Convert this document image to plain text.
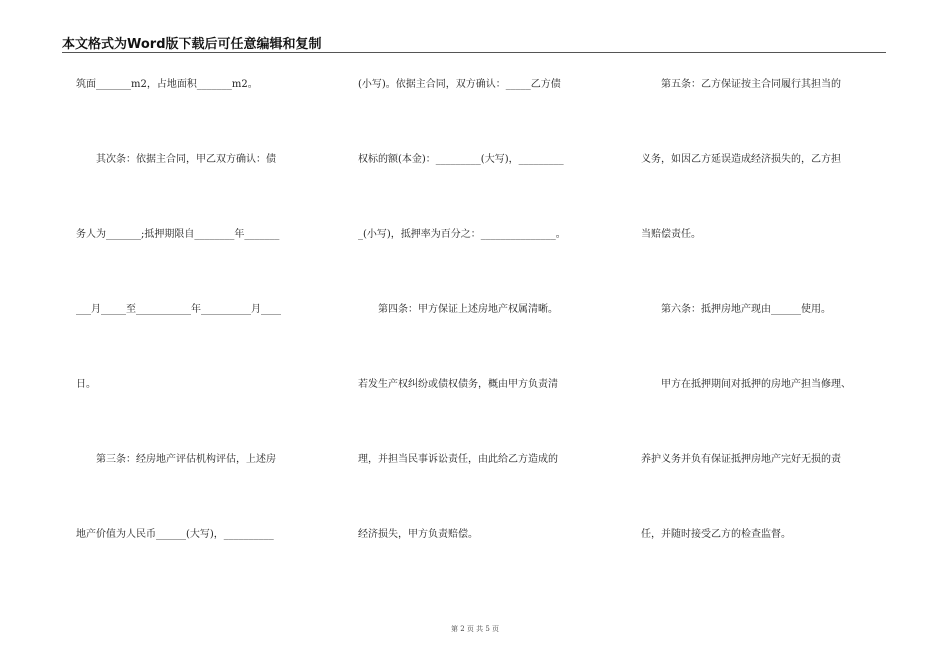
本文格式为Word版下载后可任意编辑和复制
筑面_______m2，占地面积_______m2。
　　其次条：依据主合同，甲乙双方确认：债
务人为_______;抵押期限自________年_______
___月_____至___________年__________月____
日。
　　第三条：经房地产评估机构评估，上述房
地产价值为人民币______(大写)，__________
(小写)。依据主合同，双方确认：_____乙方债
权标的额(本金)：_________(大写)，_________
_(小写)，抵押率为百分之：_______________。
　　第四条：甲方保证上述房地产权属清晰。
若发生产权纠纷或债权债务，概由甲方负责清
理，并担当民事诉讼责任，由此给乙方造成的
经济损失，甲方负责赔偿。
　　第五条：乙方保证按主合同履行其担当的
义务，如因乙方延误造成经济损失的，乙方担
当赔偿责任。
　　第六条：抵押房地产现由______使用。
　　甲方在抵押期间对抵押的房地产担当修理、
养护义务并负有保证抵押房地产完好无损的责
任，并随时接受乙方的检查监督。
第 2 页 共 5 页
